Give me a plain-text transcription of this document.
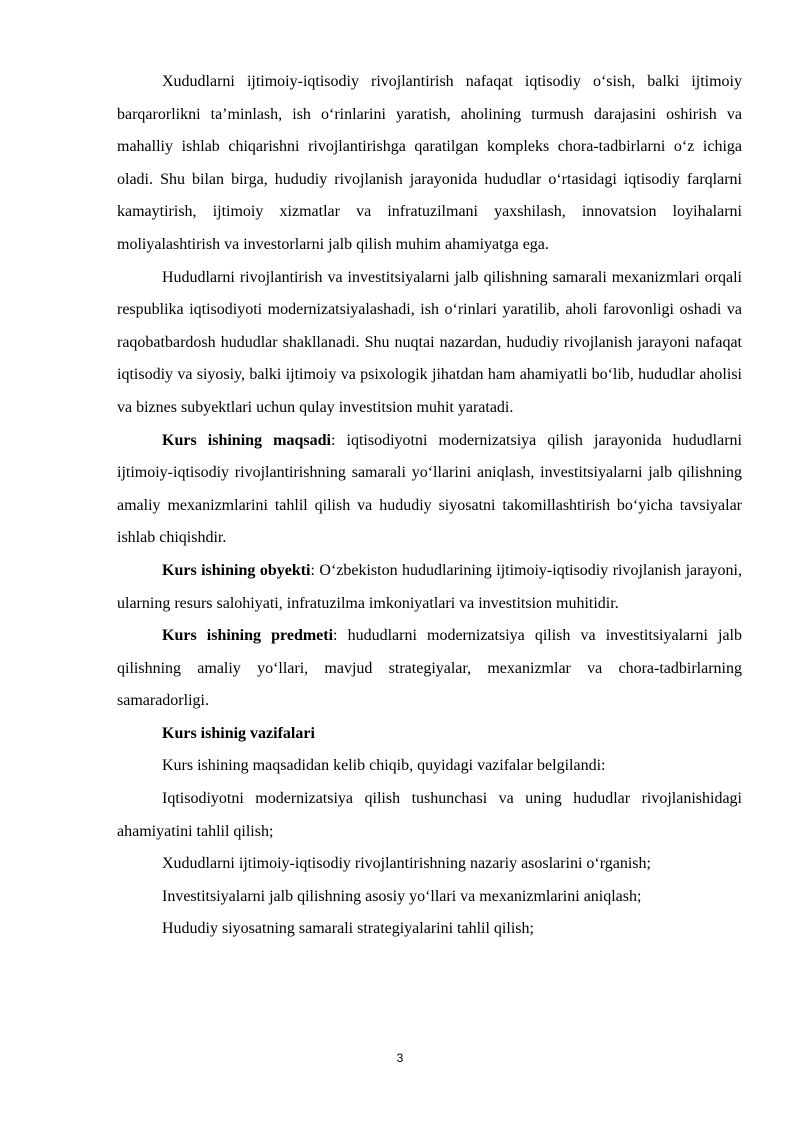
Xududlarni ijtimoiy-iqtisodiy rivojlantirish nafaqat iqtisodiy o‘sish, balki ijtimoiy barqarorlikni taʼminlash, ish o‘rinlarini yaratish, aholining turmush darajasini oshirish va mahalliy ishlab chiqarishni rivojlantirishga qaratilgan kompleks chora-tadbirlarni o‘z ichiga oladi. Shu bilan birga, hududiy rivojlanish jarayonida hududlar o‘rtasidagi iqtisodiy farqlarni kamaytirish, ijtimoiy xizmatlar va infratuzilmani yaxshilash, innovatsion loyihalarni moliyalashtirish va investorlarni jalb qilish muhim ahamiyatga ega.

Hududlarni rivojlantirish va investitsiyalarni jalb qilishning samarali mexanizmlari orqali respublika iqtisodiyoti modernizatsiyalashadi, ish o‘rinlari yaratilib, aholi farovonligi oshadi va raqobatbardosh hududlar shakllanadi. Shu nuqtai nazardan, hududiy rivojlanish jarayoni nafaqat iqtisodiy va siyosiy, balki ijtimoiy va psixologik jihatdan ham ahamiyatli bo‘lib, hududlar aholisi va biznes subyektlari uchun qulay investitsion muhit yaratadi.

Kurs ishining maqsadi: iqtisodiyotni modernizatsiya qilish jarayonida hududlarni ijtimoiy-iqtisodiy rivojlantirishning samarali yo‘llarini aniqlash, investitsiyalarni jalb qilishning amaliy mexanizmlarini tahlil qilish va hududiy siyosatni takomillashtirish bo‘yicha tavsiyalar ishlab chiqishdir.

Kurs ishining obyekti: O‘zbekiston hududlarining ijtimoiy-iqtisodiy rivojlanish jarayoni, ularning resurs salohiyati, infratuzilma imkoniyatlari va investitsion muhitidir.

Kurs ishining predmeti: hududlarni modernizatsiya qilish va investitsiyalarni jalb qilishning amaliy yo‘llari, mavjud strategiyalar, mexanizmlar va chora-tadbirlarning samaradorligi.

Kurs ishinig vazifalari

Kurs ishining maqsadidan kelib chiqib, quyidagi vazifalar belgilandi:

Iqtisodiyotni modernizatsiya qilish tushunchasi va uning hududlar rivojlanishidagi ahamiyatini tahlil qilish;

Xududlarni ijtimoiy-iqtisodiy rivojlantirishning nazariy asoslarini o‘rganish;

Investitsiyalarni jalb qilishning asosiy yo‘llari va mexanizmlarini aniqlash;

Hududiy siyosatning samarali strategiyalarini tahlil qilish;

3
